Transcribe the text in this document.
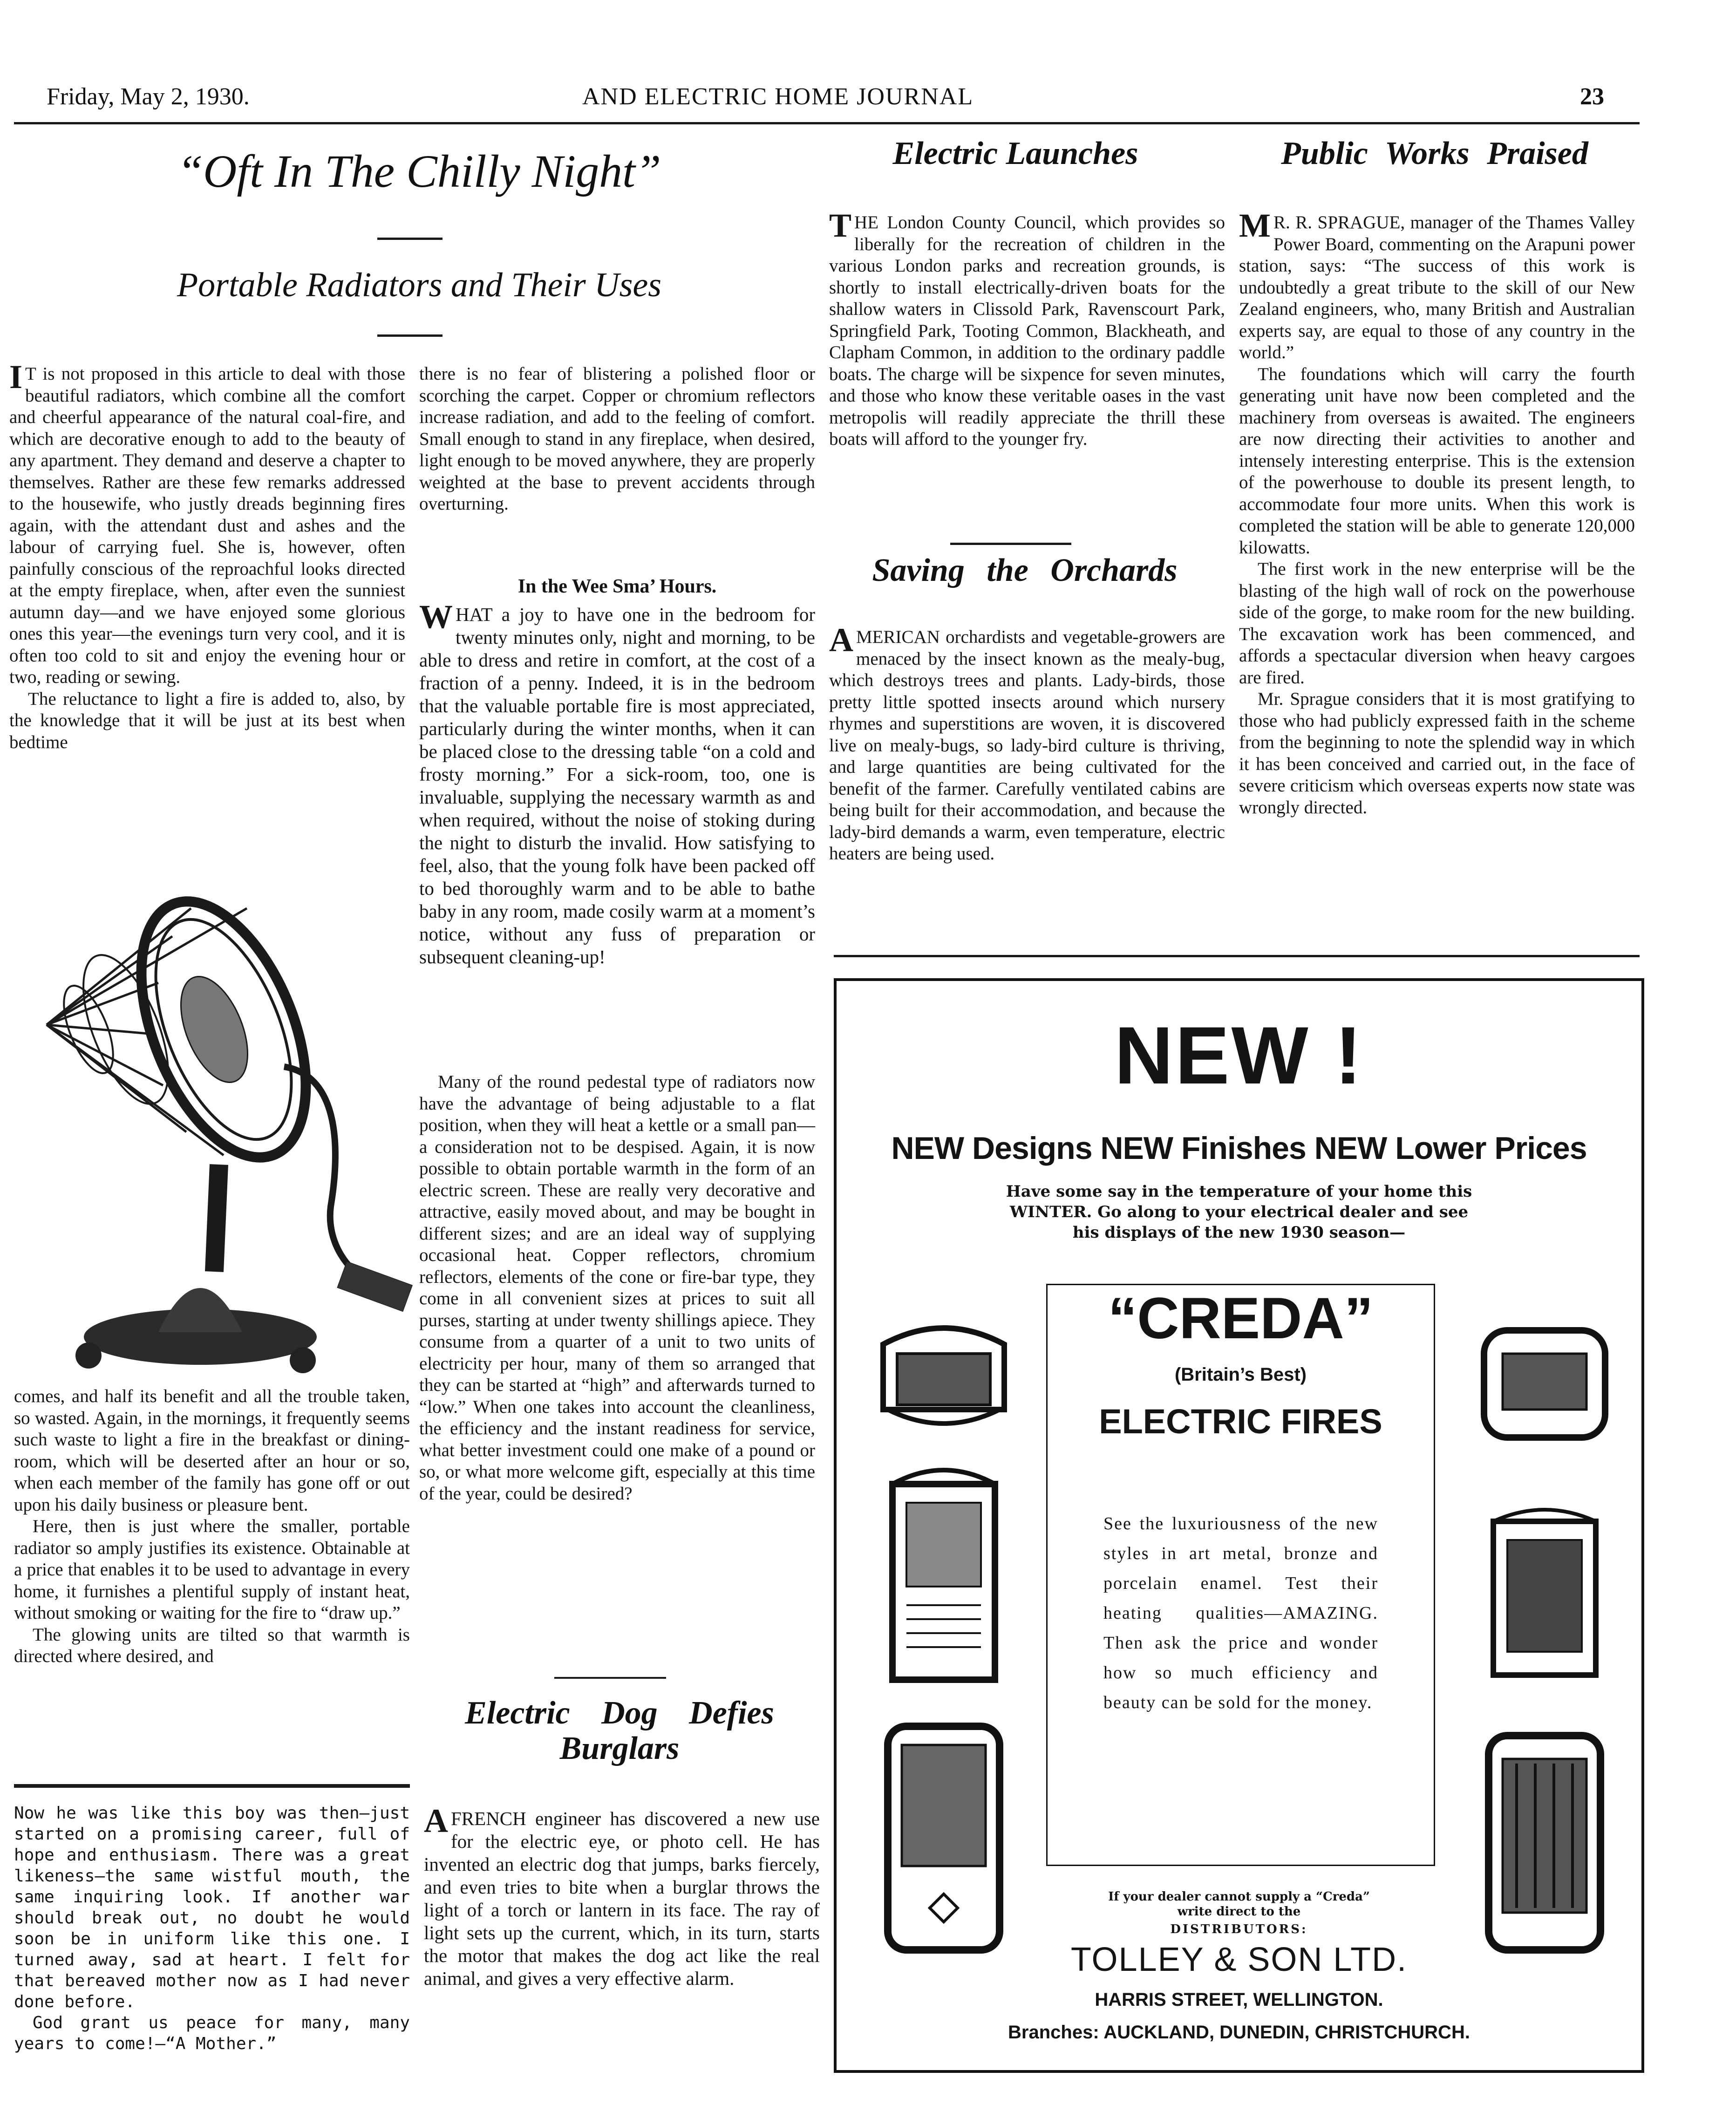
Friday, May 2, 1930.	AND ELECTRIC HOME JOURNAL	23
“Oft In The Chilly Night”
Portable Radiators and Their Uses

I T is not proposed in this article to deal with those beautiful radiators, which combine all the comfort and cheerful appearance of the natural coal-fire, and which are decorative enough to add to the beauty of any apartment. They demand and deserve a chapter to themselves. Rather are these few remarks addressed to the housewife, who justly dreads beginning fires again, with the attendant dust and ashes and the labour of carrying fuel. She is, however, often painfully conscious of the reproachful looks directed at the empty fireplace, when, after even the sunniest autumn day—and we have enjoyed some glorious ones this year—the evenings turn very cool, and it is often too cold to sit and enjoy the evening hour or two, reading or sewing.

The reluctance to light a fire is added to, also, by the knowledge that it will be just at its best when bedtime

comes, and half its benefit and all the trouble taken, so wasted. Again, in the mornings, it frequently seems such waste to light a fire in the breakfast or dining-room, which will be deserted after an hour or so, when each member of the family has gone off or out upon his daily business or pleasure bent.

Here, then is just where the smaller, portable radiator so amply justifies its existence. Obtainable at a price that enables it to be used to advantage in every home, it furnishes a plentiful supply of instant heat, without smoking or waiting for the fire to “draw up.”

The glowing units are tilted so that warmth is directed where desired, and

there is no fear of blistering a polished floor or scorching the carpet. Copper or chromium reflectors increase radiation, and add to the feeling of comfort. Small enough to stand in any fireplace, when desired, light enough to be moved anywhere, they are properly weighted at the base to prevent accidents through overturning.

In the Wee Sma’ Hours.

WHAT a joy to have one in the bedroom for twenty minutes only, night and morning, to be able to dress and retire in comfort, at the cost of a fraction of a penny. Indeed, it is in the bedroom that the valuable portable fire is most appreciated, particularly during the winter months, when it can be placed close to the dressing table “on a cold and frosty morning.” For a sick-room, too, one is invaluable, supplying the necessary warmth as and when required, without the noise of stoking during the night to disturb the invalid. How satisfying to feel, also, that the young folk have been packed off to bed thoroughly warm and to be able to bathe baby in any room, made cosily warm at a moment’s notice, without any fuss of preparation or subsequent cleaning-up!

Many of the round pedestal type of radiators now have the advantage of being adjustable to a flat position, when they will heat a kettle or a small pan—a consideration not to be despised. Again, it is now possible to obtain portable warmth in the form of an electric screen. These are really very decorative and attractive, easily moved about, and may be bought in different sizes; and are an ideal way of supplying occasional heat. Copper reflectors, chromium reflectors, elements of the cone or fire-bar type, they come in all convenient sizes at prices to suit all purses, starting at under twenty shillings apiece. They consume from a quarter of a unit to two units of electricity per hour, many of them so arranged that they can be started at “high” and afterwards turned to “low.” When one takes into account the cleanliness, the efficiency and the instant readiness for service, what better investment could one make of a pound or so, or what more welcome gift, especially at this time of the year, could be desired?

Electric Dog Defies Burglars

AFRENCH engineer has discovered a new use for the electric eye, or photo cell. He has invented an electric dog that jumps, barks fiercely, and even tries to bite when a burglar throws the light of a torch or lantern in its face. The ray of light sets up the current, which, in its turn, starts the motor that makes the dog act like the real animal, and gives a very effective alarm.

Now he was like this boy was then—just started on a promising career, full of hope and enthusiasm. There was a great likeness—the same wistful mouth, the same inquiring look. If another war should break out, no doubt he would soon be in uniform like this one. I turned away, sad at heart. I felt for that bereaved mother now as I had never done before.

God grant us peace for many, many years to come!—“A Mother.”

Electric Launches

THE London County Council, which provides so liberally for the recreation of children in the various London parks and recreation grounds, is shortly to install electrically-driven boats for the shallow waters in Clissold Park, Ravenscourt Park, Springfield Park, Tooting Common, Blackheath, and Clapham Common, in addition to the ordinary paddle boats. The charge will be sixpence for seven minutes, and those who know these veritable oases in the vast metropolis will readily appreciate the thrill these boats will afford to the younger fry.

Saving the Orchards

AMERICAN orchardists and vegetable-growers are menaced by the insect known as the mealy-bug, which destroys trees and plants. Lady-birds, those pretty little spotted insects around which nursery rhymes and superstitions are woven, it is discovered live on mealy-bugs, so lady-bird culture is thriving, and large quantities are being cultivated for the benefit of the farmer. Carefully ventilated cabins are being built for their accommodation, and because the lady-bird demands a warm, even temperature, electric heaters are being used.

Public Works Praised

M R. R. SPRAGUE, manager of the Thames Valley Power Board, commenting on the Arapuni power station, says: “The success of this work is undoubtedly a great tribute to the skill of our New Zealand engineers, who, many British and Australian experts say, are equal to those of any country in the world.”

The foundations which will carry the fourth generating unit have now been completed and the machinery from overseas is awaited. The engineers are now directing their activities to another and intensely interesting enterprise. This is the extension of the powerhouse to double its present length, to accommodate four more units. When this work is completed the station will be able to generate 120,000 kilowatts.

The first work in the new enterprise will be the blasting of the high wall of rock on the powerhouse side of the gorge, to make room for the new building. The excavation work has been commenced, and affords a spectacular diversion when heavy cargoes are fired.

Mr. Sprague considers that it is most gratifying to those who had publicly expressed faith in the scheme from the beginning to note the splendid way in which it has been conceived and carried out, in the face of severe criticism which overseas experts now state was wrongly directed.

NEW !
NEW Designs NEW Finishes NEW Lower Prices
Have some say in the temperature of your home this
WINTER. Go along to your electrical dealer and see
his displays of the new 1930 season—
“CREDA”
(Britain’s Best)
ELECTRIC FIRES
See the luxuriousness of the new styles in art metal, bronze and porcelain enamel. Test their heating qualities—AMAZING. Then ask the price and wonder how so much efficiency and beauty can be sold for the money.
If your dealer cannot supply a “Creda”
write direct to the
DISTRIBUTORS:
TOLLEY & SON LTD.
HARRIS STREET, WELLINGTON.
Branches: AUCKLAND, DUNEDIN, CHRISTCHURCH.
